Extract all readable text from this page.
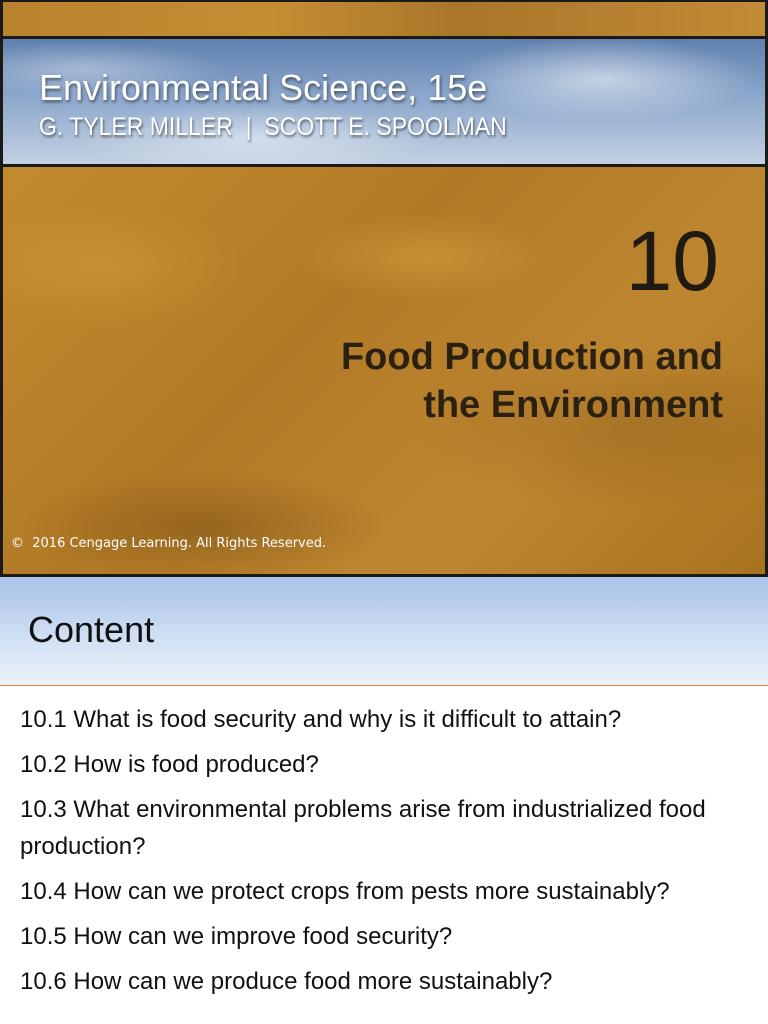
Environmental Science, 15e
G. TYLER MILLER  |  SCOTT E. SPOOLMAN
10
Food Production and
the Environment
©  2016 Cengage Learning. All Rights Reserved.
Content
10.1 What is food security and why is it difficult to attain?
10.2 How is food produced?
10.3 What environmental problems arise from industrialized food production?
10.4 How can we protect crops from pests more sustainably?
10.5 How can we improve food security?
10.6 How can we produce food more sustainably?
